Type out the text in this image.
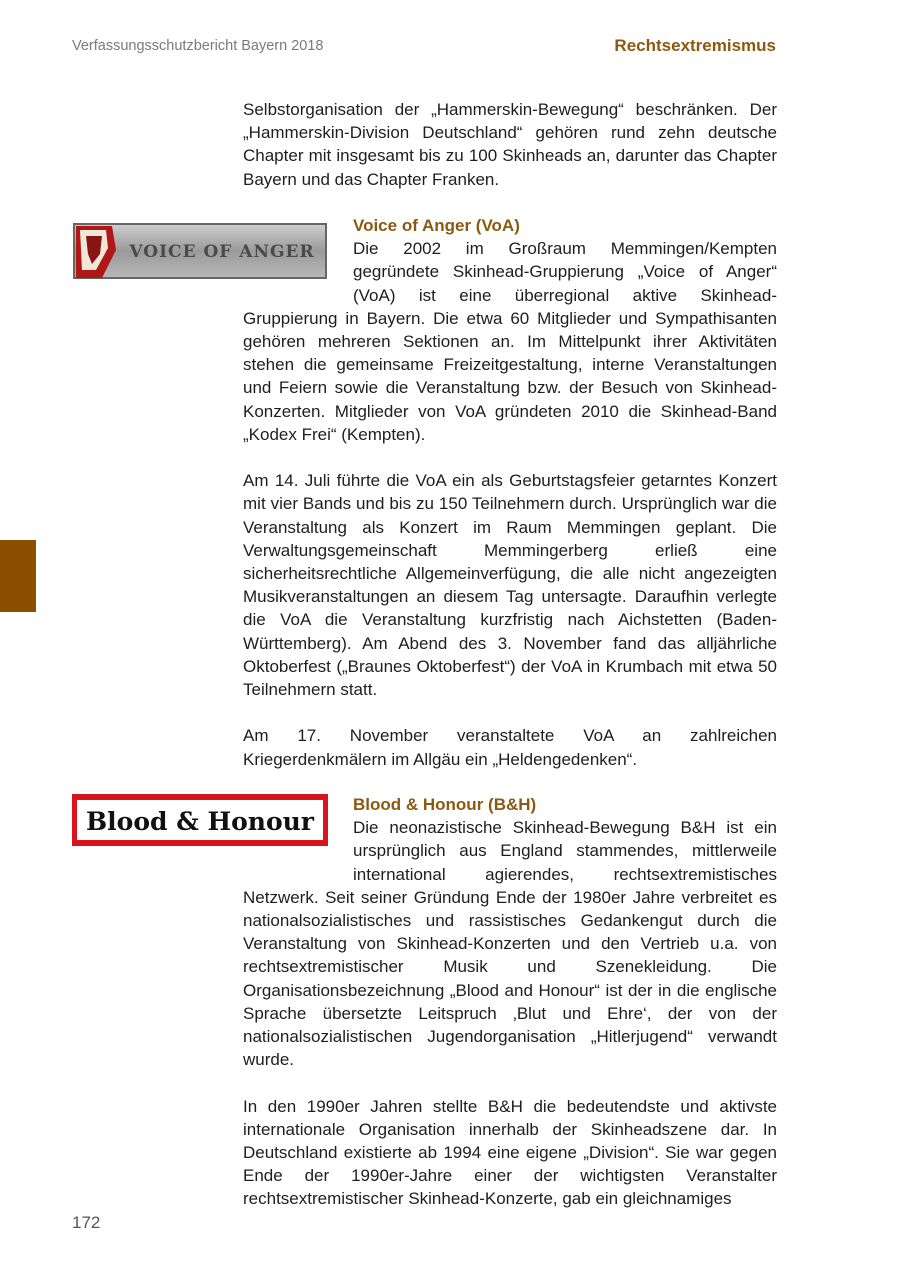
Verfassungsschutzbericht Bayern 2018	Rechtsextremismus

Selbstorganisation der „Hammerskin-Bewegung“ beschränken. Der „Hammerskin-Division Deutschland“ gehören rund zehn deutsche Chapter mit insgesamt bis zu 100 Skinheads an, darunter das Chapter Bayern und das Chapter Franken.

VOICE OF ANGER
Voice of Anger (VoA)

Die 2002 im Großraum Memmingen/Kempten gegründete Skinhead-Gruppierung „Voice of Anger“ (VoA) ist eine überregional aktive Skinhead-Gruppierung in Bayern. Die etwa 60 Mitglieder und Sympathisanten gehören mehreren Sektionen an. Im Mittelpunkt ihrer Aktivitäten stehen die gemeinsame Freizeitgestaltung, interne Veranstaltungen und Feiern sowie die Veranstaltung bzw. der Besuch von Skinhead-Konzerten. Mitglieder von VoA gründeten 2010 die Skinhead-Band „Kodex Frei“ (Kempten).

Am 14. Juli führte die VoA ein als Geburtstagsfeier getarntes Konzert mit vier Bands und bis zu 150 Teilnehmern durch. Ursprünglich war die Veranstaltung als Konzert im Raum Memmingen geplant. Die Verwaltungsgemeinschaft Memmingerberg erließ eine sicherheitsrechtliche Allgemeinverfügung, die alle nicht angezeigten Musikveranstaltungen an diesem Tag untersagte. Daraufhin verlegte die VoA die Veranstaltung kurzfristig nach Aichstetten (Baden-Württemberg). Am Abend des 3. November fand das alljährliche Oktoberfest („Braunes Oktoberfest“) der VoA in Krumbach mit etwa 50 Teilnehmern statt.

Am 17. November veranstaltete VoA an zahlreichen Kriegerdenkmälern im Allgäu ein „Heldengedenken“.

Blood & Honour
Blood & Honour (B&H)

Die neonazistische Skinhead-Bewegung B&H ist ein ursprünglich aus England stammendes, mittlerweile international agierendes, rechtsextremistisches Netzwerk. Seit seiner Gründung Ende der 1980er Jahre verbreitet es nationalsozialistisches und rassistisches Gedankengut durch die Veranstaltung von Skinhead-Konzerten und den Vertrieb u.a. von rechtsextremistischer Musik und Szenekleidung. Die Organisationsbezeichnung „Blood and Honour“ ist der in die englische Sprache übersetzte Leitspruch ‚Blut und Ehre‘, der von der nationalsozialistischen Jugendorganisation „Hitlerjugend“ verwandt wurde.

In den 1990er Jahren stellte B&H die bedeutendste und aktivste internationale Organisation innerhalb der Skinheadszene dar. In Deutschland existierte ab 1994 eine eigene „Division“. Sie war gegen Ende der 1990er-Jahre einer der wichtigsten Veranstalter rechtsextremistischer Skinhead-Konzerte, gab ein gleichnamiges

172
